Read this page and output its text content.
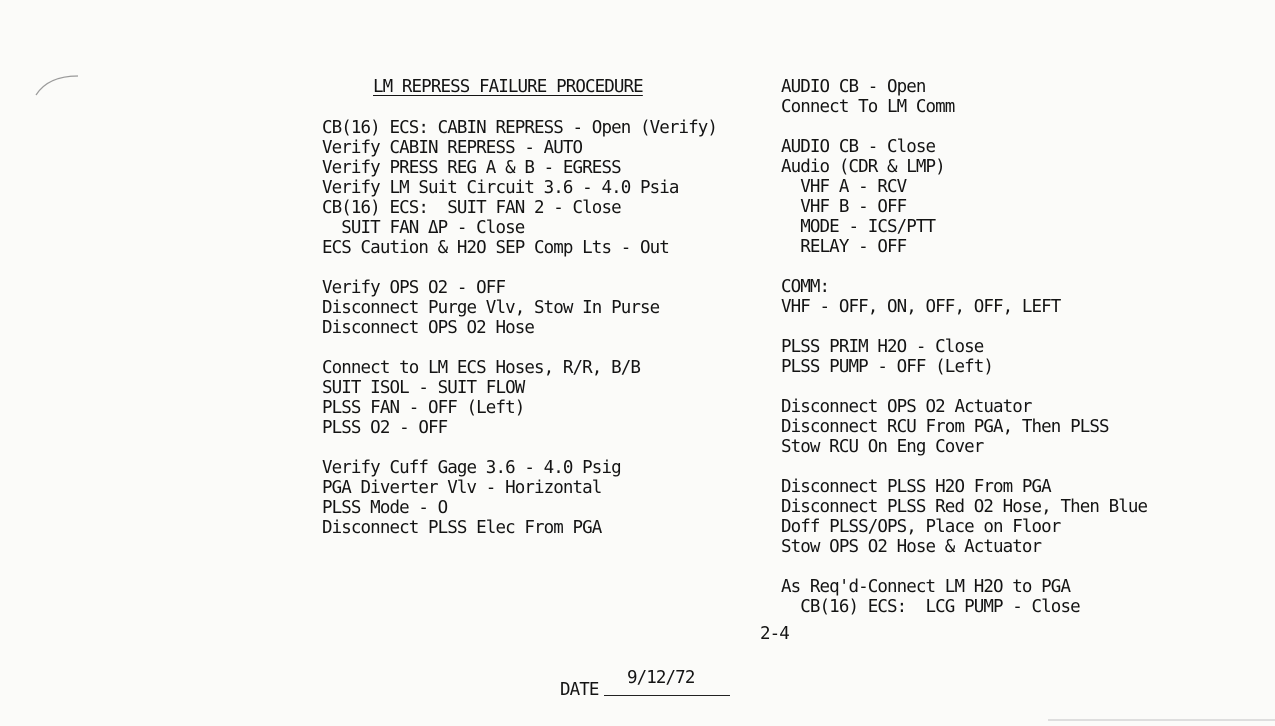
LM REPRESS FAILURE PROCEDURE
CB(16) ECS: CABIN REPRESS - Open (Verify)
Verify CABIN REPRESS - AUTO
Verify PRESS REG A & B - EGRESS
Verify LM Suit Circuit 3.6 - 4.0 Psia
CB(16) ECS:  SUIT FAN 2 - Close
SUIT FAN ΔP - Close
ECS Caution & H2O SEP Comp Lts - Out
Verify OPS O2 - OFF
Disconnect Purge Vlv, Stow In Purse
Disconnect OPS O2 Hose
Connect to LM ECS Hoses, R/R, B/B
SUIT ISOL - SUIT FLOW
PLSS FAN - OFF (Left)
PLSS O2 - OFF
Verify Cuff Gage 3.6 - 4.0 Psig
PGA Diverter Vlv - Horizontal
PLSS Mode - O
Disconnect PLSS Elec From PGA
AUDIO CB - Open
Connect To LM Comm
AUDIO CB - Close
Audio (CDR & LMP)
VHF A - RCV
VHF B - OFF
MODE - ICS/PTT
RELAY - OFF
COMM:
VHF - OFF, ON, OFF, OFF, LEFT
PLSS PRIM H2O - Close
PLSS PUMP - OFF (Left)
Disconnect OPS O2 Actuator
Disconnect RCU From PGA, Then PLSS
Stow RCU On Eng Cover
Disconnect PLSS H2O From PGA
Disconnect PLSS Red O2 Hose, Then Blue
Doff PLSS/OPS, Place on Floor
Stow OPS O2 Hose & Actuator
As Req'd-Connect LM H2O to PGA
CB(16) ECS:  LCG PUMP - Close
2-4
DATE
9/12/72
